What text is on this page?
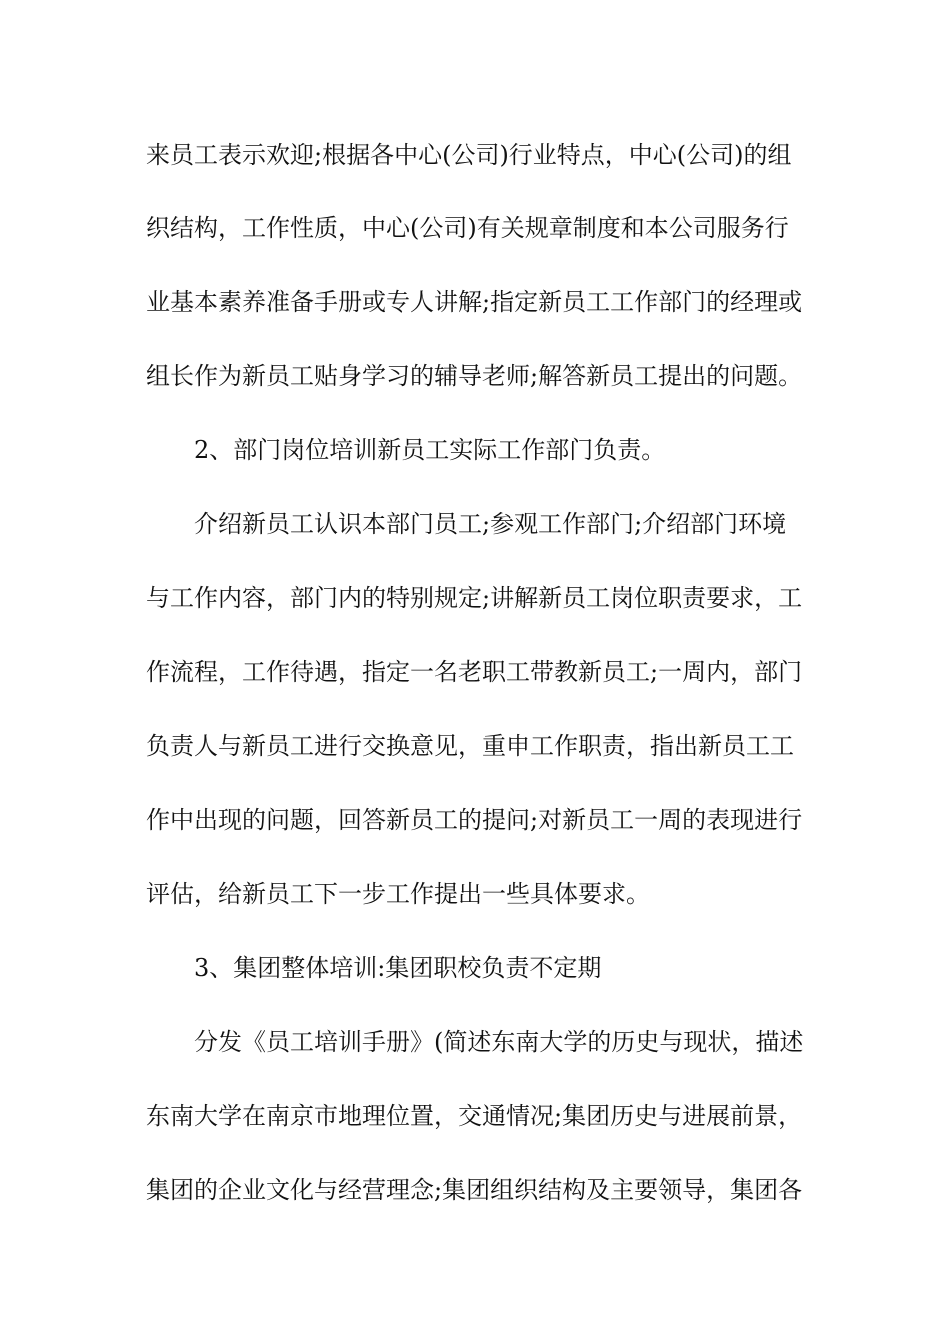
来员工表示欢迎;根据各中心(公司)行业特点，中心(公司)的组
织结构，工作性质，中心(公司)有关规章制度和本公司服务行
业基本素养准备手册或专人讲解;指定新员工工作部门的经理或
组长作为新员工贴身学习的辅导老师;解答新员工提出的问题。
2、部门岗位培训新员工实际工作部门负责。
介绍新员工认识本部门员工;参观工作部门;介绍部门环境
与工作内容，部门内的特别规定;讲解新员工岗位职责要求，工
作流程，工作待遇，指定一名老职工带教新员工;一周内，部门
负责人与新员工进行交换意见，重申工作职责，指出新员工工
作中出现的问题，回答新员工的提问;对新员工一周的表现进行
评估，给新员工下一步工作提出一些具体要求。
3、集团整体培训:集团职校负责不定期
分发《员工培训手册》(简述东南大学的历史与现状，描述
东南大学在南京市地理位置，交通情况;集团历史与进展前景，
集团的企业文化与经营理念;集团组织结构及主要领导，集团各
